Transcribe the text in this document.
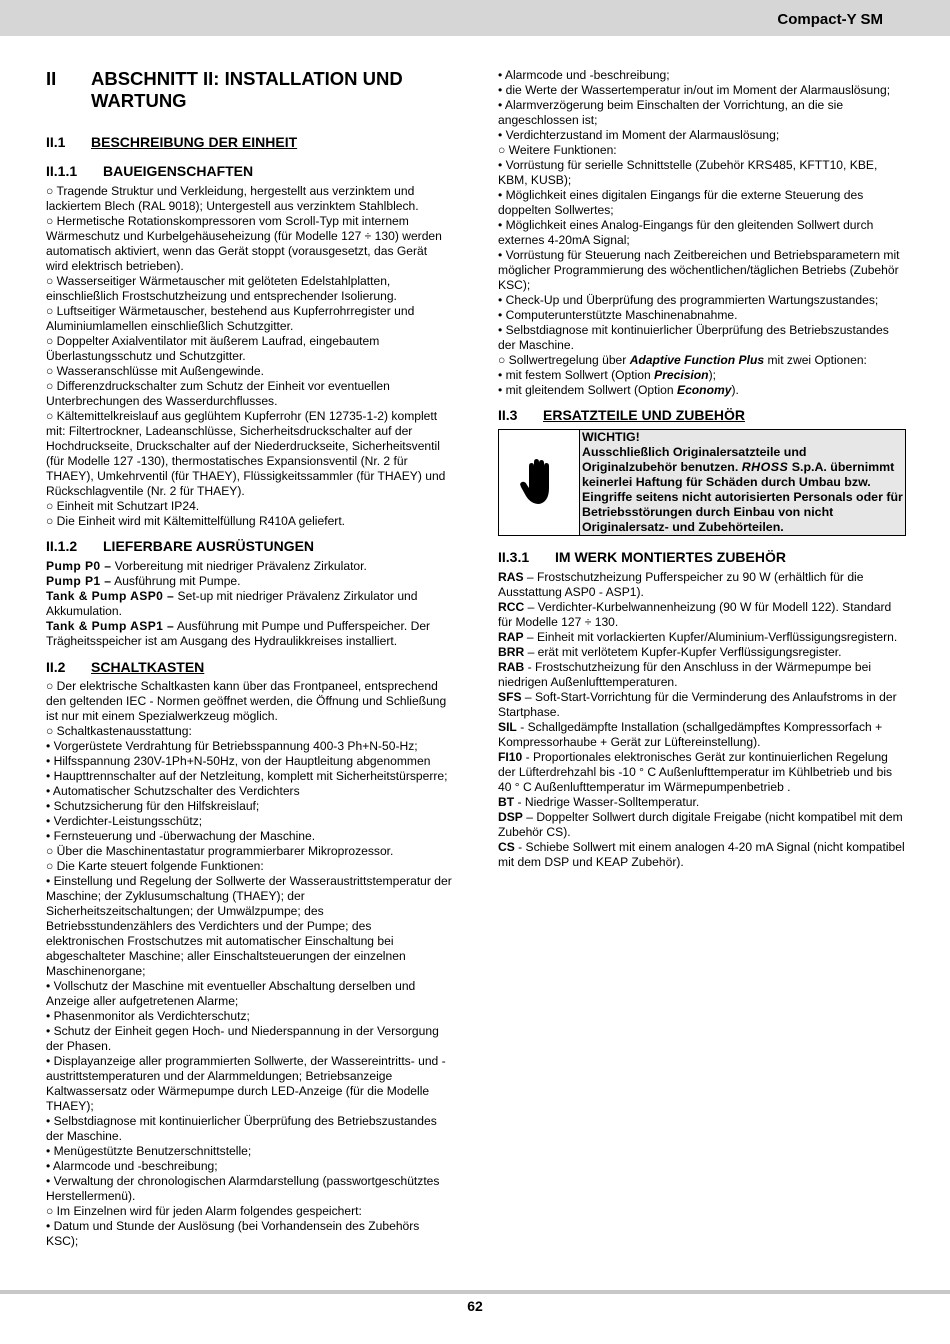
Compact-Y SM
II	ABSCHNITT II: INSTALLATION UND WARTUNG
II.1	BESCHREIBUNG DER EINHEIT
II.1.1	BAUEIGENSCHAFTEN

○ Tragende Struktur und Verkleidung, hergestellt aus verzinktem und lackiertem Blech (RAL 9018); Untergestell aus verzinktem Stahlblech.

○ Hermetische Rotationskompressoren vom Scroll-Typ mit internem Wärmeschutz und Kurbelgehäuseheizung (für Modelle 127 ÷ 130) werden automatisch aktiviert, wenn das Gerät stoppt (vorausgesetzt, das Gerät wird elektrisch betrieben).

○ Wasserseitiger Wärmetauscher mit gelöteten Edelstahlplatten, einschließlich Frostschutzheizung und entsprechender Isolierung.

○ Luftseitiger Wärmetauscher, bestehend aus Kupferrohrregister und Aluminiumlamellen einschließlich Schutzgitter.

○ Doppelter Axialventilator mit äußerem Laufrad, eingebautem Überlastungsschutz und Schutzgitter.

○ Wasseranschlüsse mit Außengewinde.

○ Differenzdruckschalter zum Schutz der Einheit vor eventuellen Unterbrechungen des Wasserdurchflusses.

○ Kältemittelkreislauf aus geglühtem Kupferrohr (EN 12735-1-2) komplett mit: Filtertrockner, Ladeanschlüsse, Sicherheitsdruckschalter auf der Hochdruckseite, Druckschalter auf der Niederdruckseite, Sicherheitsventil (für Modelle 127 -130), thermostatisches Expansionsventil (Nr. 2 für THAEY), Umkehrventil (für THAEY), Flüssigkeitssammler (für THAEY) und Rückschlagventile (Nr. 2 für THAEY).

○ Einheit mit Schutzart IP24.

○ Die Einheit wird mit Kältemittelfüllung R410A geliefert.

II.1.2	LIEFERBARE AUSRÜSTUNGEN

Pump P0 – Vorbereitung mit niedriger Prävalenz Zirkulator.

Pump P1 – Ausführung mit Pumpe.

Tank & Pump ASP0 – Set-up mit niedriger Prävalenz Zirkulator und Akkumulation.

Tank & Pump ASP1 – Ausführung mit Pumpe und Pufferspeicher. Der Trägheitsspeicher ist am Ausgang des Hydraulikkreises installiert.

II.2	SCHALTKASTEN

○ Der elektrische Schaltkasten kann über das Frontpaneel, entsprechend den geltenden IEC - Normen geöffnet werden, die Öffnung und Schließung ist nur mit einem Spezialwerkzeug möglich.

○ Schaltkastenausstattung:

• Vorgerüstete Verdrahtung für Betriebsspannung 400-3 Ph+N-50-Hz;

• Hilfsspannung 230V-1Ph+N-50Hz, von der Hauptleitung abgenommen

• Haupttrennschalter auf der Netzleitung, komplett mit Sicherheitstürsperre;

• Automatischer Schutzschalter des Verdichters

• Schutzsicherung für den Hilfskreislauf;

• Verdichter-Leistungsschütz;

• Fernsteuerung und -überwachung der Maschine.

○ Über die Maschinentastatur programmierbarer Mikroprozessor.

○ Die Karte steuert folgende Funktionen:

• Einstellung und Regelung der Sollwerte der Wasseraustrittstemperatur der Maschine; der Zyklusumschaltung (THAEY); der Sicherheitszeitschaltungen; der Umwälzpumpe; des Betriebsstundenzählers des Verdichters und der Pumpe; des elektronischen Frostschutzes mit automatischer Einschaltung bei abgeschalteter Maschine; aller Einschaltsteuerungen der einzelnen Maschinenorgane;

• Vollschutz der Maschine mit eventueller Abschaltung derselben und Anzeige aller aufgetretenen Alarme;

• Phasenmonitor als Verdichterschutz;

• Schutz der Einheit gegen Hoch- und Niederspannung in der Versorgung der Phasen.

• Displayanzeige aller programmierten Sollwerte, der Wassereintritts- und -austrittstemperaturen und der Alarmmeldungen; Betriebsanzeige Kaltwassersatz oder Wärmepumpe durch LED-Anzeige (für die Modelle THAEY);

• Selbstdiagnose mit kontinuierlicher Überprüfung des Betriebszustandes der Maschine.

• Menügestützte Benutzerschnittstelle;

• Alarmcode und -beschreibung;

• Verwaltung der chronologischen Alarmdarstellung (passwortgeschütztes Herstellermenü).

○ Im Einzelnen wird für jeden Alarm folgendes gespeichert:

• Datum und Stunde der Auslösung (bei Vorhandensein des Zubehörs KSC);

• Alarmcode und -beschreibung;

• die Werte der Wassertemperatur in/out im Moment der Alarmauslösung;

• Alarmverzögerung beim Einschalten der Vorrichtung, an die sie angeschlossen ist;

• Verdichterzustand im Moment der Alarmauslösung;

○ Weitere Funktionen:

• Vorrüstung für serielle Schnittstelle (Zubehör KRS485, KFTT10, KBE, KBM, KUSB);

• Möglichkeit eines digitalen Eingangs für die externe Steuerung des doppelten Sollwertes;

• Möglichkeit eines Analog-Eingangs für den gleitenden Sollwert durch externes 4-20mA Signal;

• Vorrüstung für Steuerung nach Zeitbereichen und Betriebsparametern mit möglicher Programmierung des wöchentlichen/täglichen Betriebs (Zubehör KSC);

• Check-Up und Überprüfung des programmierten Wartungszustandes;

• Computerunterstützte Maschinenabnahme.

• Selbstdiagnose mit kontinuierlicher Überprüfung des Betriebszustandes der Maschine.

○ Sollwertregelung über Adaptive Function Plus mit zwei Optionen:

• mit festem Sollwert (Option Precision);

• mit gleitendem Sollwert (Option Economy).

II.3	ERSATZTEILE UND ZUBEHÖR
WICHTIG!
Ausschließlich Originalersatzteile und Originalzubehör benutzen. RHOSS S.p.A. übernimmt keinerlei Haftung für Schäden durch Umbau bzw. Eingriffe seitens nicht autorisierten Personals oder für Betriebsstörungen durch Einbau von nicht Originalersatz- und Zubehörteilen.
II.3.1	IM WERK MONTIERTES ZUBEHÖR

RAS – Frostschutzheizung Pufferspeicher zu 90 W (erhältlich für die Ausstattung ASP0 - ASP1).

RCC – Verdichter-Kurbelwannenheizung (90 W für Modell 122). Standard für Modelle 127 ÷ 130.

RAP – Einheit mit vorlackierten Kupfer/Aluminium-Verflüssigungsregistern.

BRR – erät mit verlötetem Kupfer-Kupfer Verflüssigungsregister.

RAB - Frostschutzheizung für den Anschluss in der Wärmepumpe bei niedrigen Außenlufttemperaturen.

SFS – Soft-Start-Vorrichtung für die Verminderung des Anlaufstroms in der Startphase.

SIL - Schallgedämpfte Installation (schallgedämpftes Kompressorfach + Kompressorhaube + Gerät zur Lüftereinstellung).

FI10 - Proportionales elektronisches Gerät zur kontinuierlichen Regelung der Lüfterdrehzahl bis -10 ° C Außenlufttemperatur im Kühlbetrieb und bis 40 ° C Außenlufttemperatur im Wärmepumpenbetrieb .

BT - Niedrige Wasser-Solltemperatur.

DSP – Doppelter Sollwert durch digitale Freigabe (nicht kompatibel mit dem Zubehör CS).

CS - Schiebe Sollwert mit einem analogen 4-20 mA Signal (nicht kompatibel mit dem DSP und KEAP Zubehör).

62
